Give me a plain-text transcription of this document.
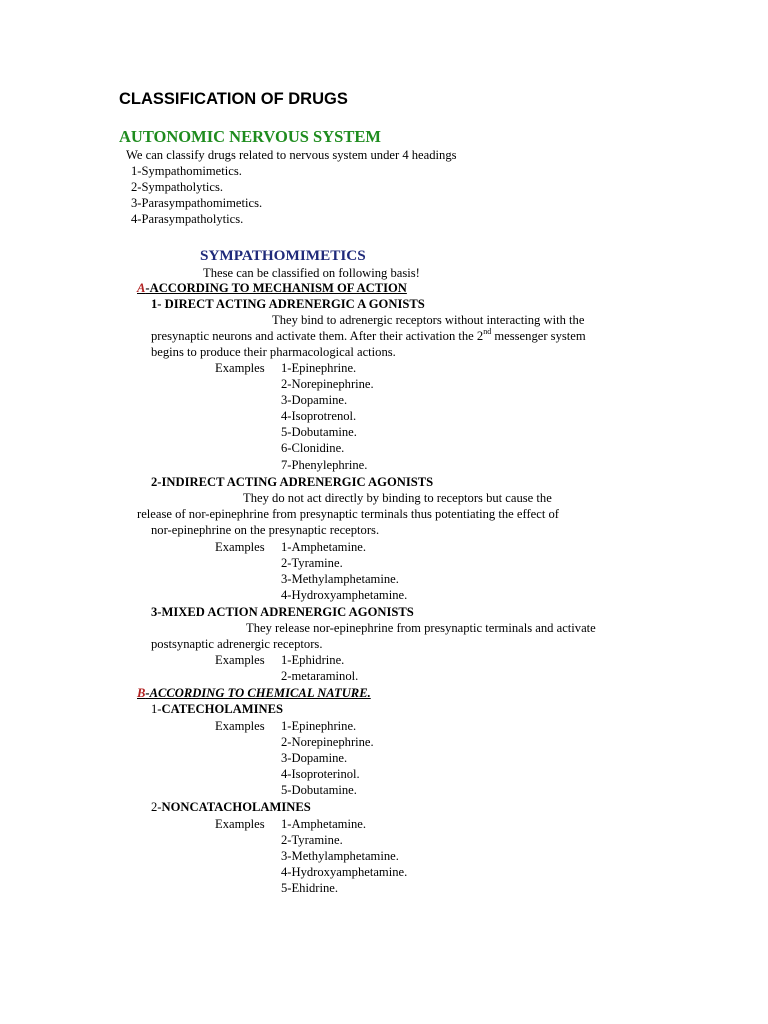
CLASSIFICATION OF DRUGS
AUTONOMIC NERVOUS SYSTEM
We can classify drugs related to nervous system under 4 headings
1-Sympathomimetics.
2-Sympatholytics.
3-Parasympathomimetics.
4-Parasympatholytics.
SYMPATHOMIMETICS
These can be classified on following basis!
A-ACCORDING TO MECHANISM OF ACTION
1- DIRECT ACTING ADRENERGIC A GONISTS
They bind to adrenergic receptors without interacting with the
presynaptic neurons and activate them. After their activation the 2nd messenger system
begins to produce their pharmacological actions.
Examples 1-Epinephrine.
2-Norepinephrine.
3-Dopamine.
4-Isoprotrenol.
5-Dobutamine.
6-Clonidine.
7-Phenylephrine.
2-INDIRECT ACTING ADRENERGIC AGONISTS
They do not act directly by binding to receptors but cause the
release of nor-epinephrine from presynaptic terminals thus potentiating the effect of
nor-epinephrine on the presynaptic receptors.
Examples 1-Amphetamine.
2-Tyramine.
3-Methylamphetamine.
4-Hydroxyamphetamine.
3-MIXED ACTION ADRENERGIC AGONISTS
They release nor-epinephrine from presynaptic terminals and activate
postsynaptic adrenergic receptors.
Examples 1-Ephidrine.
2-metaraminol.
B-ACCORDING TO CHEMICAL NATURE.
1-CATECHOLAMINES
Examples 1-Epinephrine.
2-Norepinephrine.
3-Dopamine.
4-Isoproterinol.
5-Dobutamine.
2-NONCATACHOLAMINES
Examples 1-Amphetamine.
2-Tyramine.
3-Methylamphetamine.
4-Hydroxyamphetamine.
5-Ehidrine.
